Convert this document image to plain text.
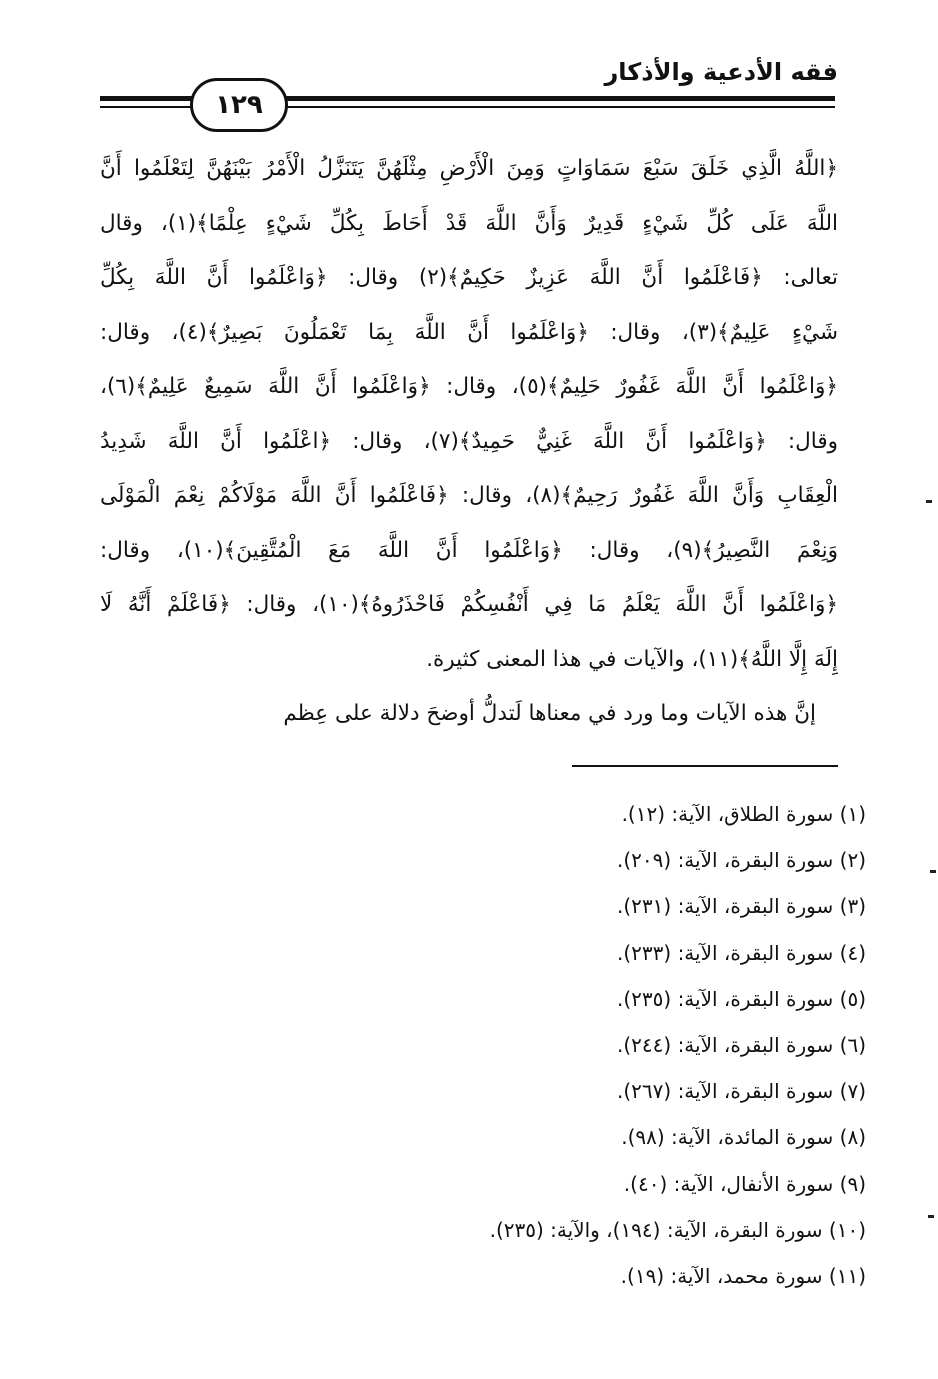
فقه الأدعية والأذكار
١٢٩
﴿اللَّهُ الَّذِي خَلَقَ سَبْعَ سَمَاوَاتٍ وَمِنَ الْأَرْضِ مِثْلَهُنَّ يَتَنَزَّلُ الْأَمْرُ بَيْنَهُنَّ لِتَعْلَمُوا أَنَّ
اللَّهَ عَلَى كُلِّ شَيْءٍ قَدِيرٌ وَأَنَّ اللَّهَ قَدْ أَحَاطَ بِكُلِّ شَيْءٍ عِلْمًا﴾(١)، وقال
تعالى: ﴿فَاعْلَمُوا أَنَّ اللَّهَ عَزِيزٌ حَكِيمٌ﴾(٢) وقال: ﴿وَاعْلَمُوا أَنَّ اللَّهَ بِكُلِّ
شَيْءٍ عَلِيمٌ﴾(٣)، وقال: ﴿وَاعْلَمُوا أَنَّ اللَّهَ بِمَا تَعْمَلُونَ بَصِيرٌ﴾(٤)، وقال:
﴿وَاعْلَمُوا أَنَّ اللَّهَ غَفُورٌ حَلِيمٌ﴾(٥)، وقال: ﴿وَاعْلَمُوا أَنَّ اللَّهَ سَمِيعٌ عَلِيمٌ﴾(٦)،
وقال: ﴿وَاعْلَمُوا أَنَّ اللَّهَ غَنِيٌّ حَمِيدٌ﴾(٧)، وقال: ﴿اعْلَمُوا أَنَّ اللَّهَ شَدِيدُ
الْعِقَابِ وَأَنَّ اللَّهَ غَفُورٌ رَحِيمٌ﴾(٨)، وقال: ﴿فَاعْلَمُوا أَنَّ اللَّهَ مَوْلَاكُمْ نِعْمَ الْمَوْلَى
وَنِعْمَ النَّصِيرُ﴾(٩)، وقال: ﴿وَاعْلَمُوا أَنَّ اللَّهَ مَعَ الْمُتَّقِينَ﴾(١٠)، وقال:
﴿وَاعْلَمُوا أَنَّ اللَّهَ يَعْلَمُ مَا فِي أَنْفُسِكُمْ فَاحْذَرُوهُ﴾(١٠)، وقال: ﴿فَاعْلَمْ أَنَّهُ لَا
إِلَهَ إِلَّا اللَّهُ﴾(١١)، والآيات في هذا المعنى كثيرة.
إنَّ هذه الآيات وما ورد في معناها لَتدلُّ أوضحَ دلالة على عِظم
(١) سورة الطلاق، الآية: (١٢).
(٢) سورة البقرة، الآية: (٢٠٩).
(٣) سورة البقرة، الآية: (٢٣١).
(٤) سورة البقرة، الآية: (٢٣٣).
(٥) سورة البقرة، الآية: (٢٣٥).
(٦) سورة البقرة، الآية: (٢٤٤).
(٧) سورة البقرة، الآية: (٢٦٧).
(٨) سورة المائدة، الآية: (٩٨).
(٩) سورة الأنفال، الآية: (٤٠).
(١٠) سورة البقرة، الآية: (١٩٤)، والآية: (٢٣٥).
(١١) سورة محمد، الآية: (١٩).
